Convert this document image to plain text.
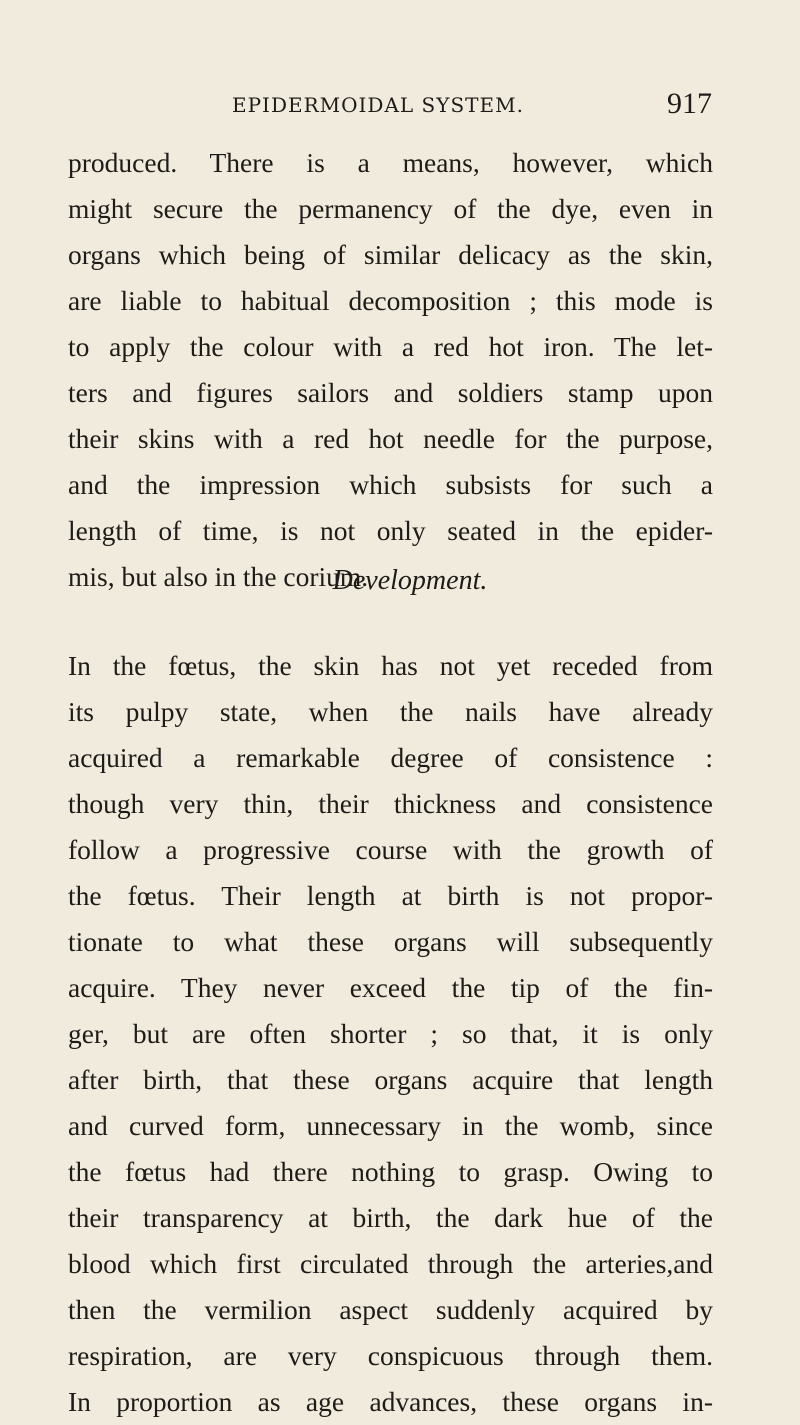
EPIDERMOIDAL SYSTEM.	917
produced. There is a means, however, which
might secure the permanency of the dye, even in
organs which being of similar delicacy as the skin,
are liable to habitual decomposition ; this mode is
to apply the colour with a red hot iron. The let-
ters and figures sailors and soldiers stamp upon
their skins with a red hot needle for the purpose,
and the impression which subsists for such a
length of time, is not only seated in the epider-
mis, but also in the corium.
Development.
In the fœtus, the skin has not yet receded from
its pulpy state, when the nails have already
acquired a remarkable degree of consistence :
though very thin, their thickness and consistence
follow a progressive course with the growth of
the fœtus. Their length at birth is not propor-
tionate to what these organs will subsequently
acquire. They never exceed the tip of the fin-
ger, but are often shorter ; so that, it is only
after birth, that these organs acquire that length
and curved form, unnecessary in the womb, since
the fœtus had there nothing to grasp. Owing to
their transparency at birth, the dark hue of the
blood which first circulated through the arteries,and
then the vermilion aspect suddenly acquired by
respiration, are very conspicuous through them.
In proportion as age advances, these organs in-
